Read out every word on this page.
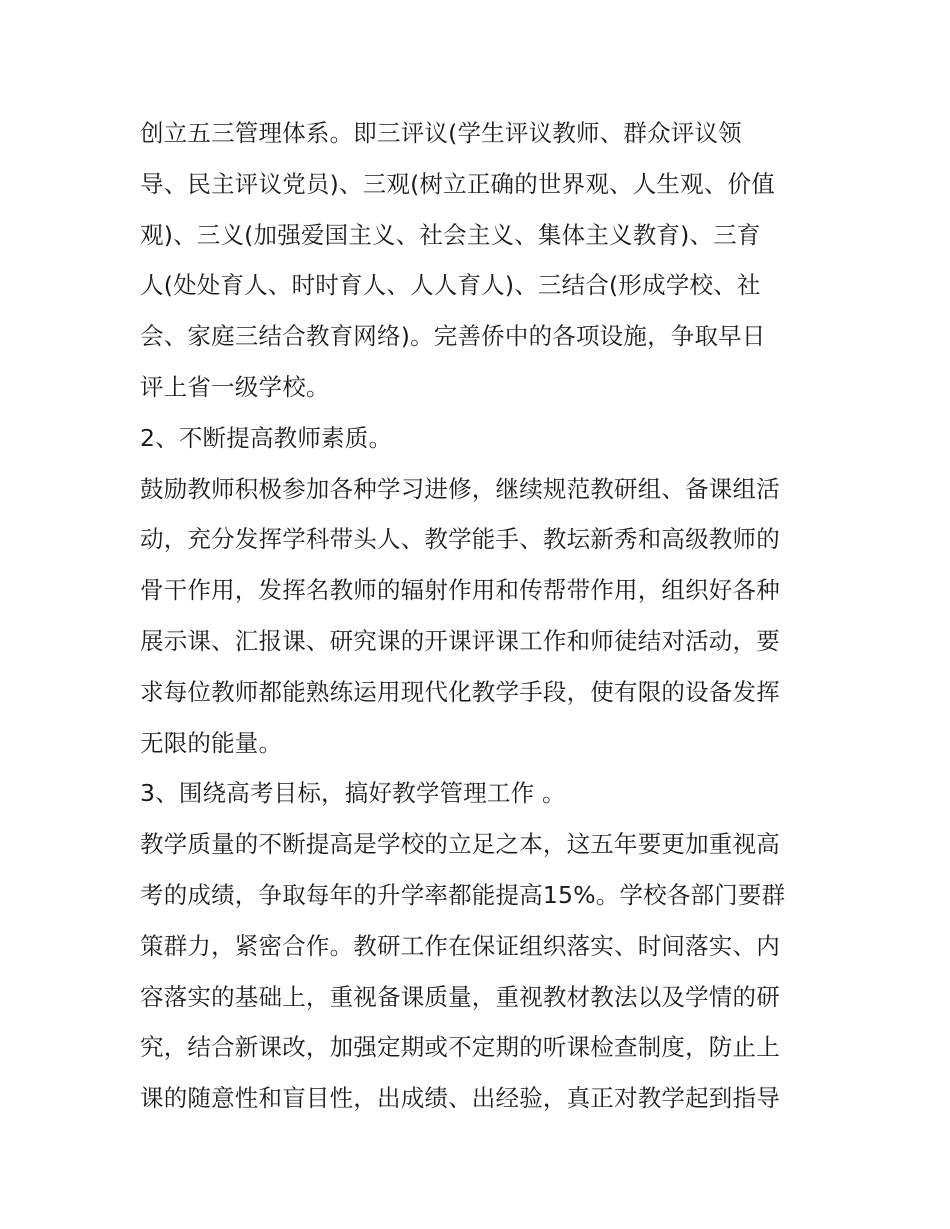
创立五三管理体系。即三评议(学生评议教师、群众评议领
导、民主评议党员)、三观(树立正确的世界观、人生观、价值
观)、三义(加强爱国主义、社会主义、集体主义教育)、三育
人(处处育人、时时育人、人人育人)、三结合(形成学校、社
会、家庭三结合教育网络)。完善侨中的各项设施，争取早日
评上省一级学校。
2、不断提高教师素质。
鼓励教师积极参加各种学习进修，继续规范教研组、备课组活
动，充分发挥学科带头人、教学能手、教坛新秀和高级教师的
骨干作用，发挥名教师的辐射作用和传帮带作用，组织好各种
展示课、汇报课、研究课的开课评课工作和师徒结对活动，要
求每位教师都能熟练运用现代化教学手段，使有限的设备发挥
无限的能量。
3、围绕高考目标，搞好教学管理工作 。
教学质量的不断提高是学校的立足之本，这五年要更加重视高
考的成绩，争取每年的升学率都能提高15%。学校各部门要群
策群力，紧密合作。教研工作在保证组织落实、时间落实、内
容落实的基础上，重视备课质量，重视教材教法以及学情的研
究，结合新课改，加强定期或不定期的听课检查制度，防止上
课的随意性和盲目性，出成绩、出经验，真正对教学起到指导
